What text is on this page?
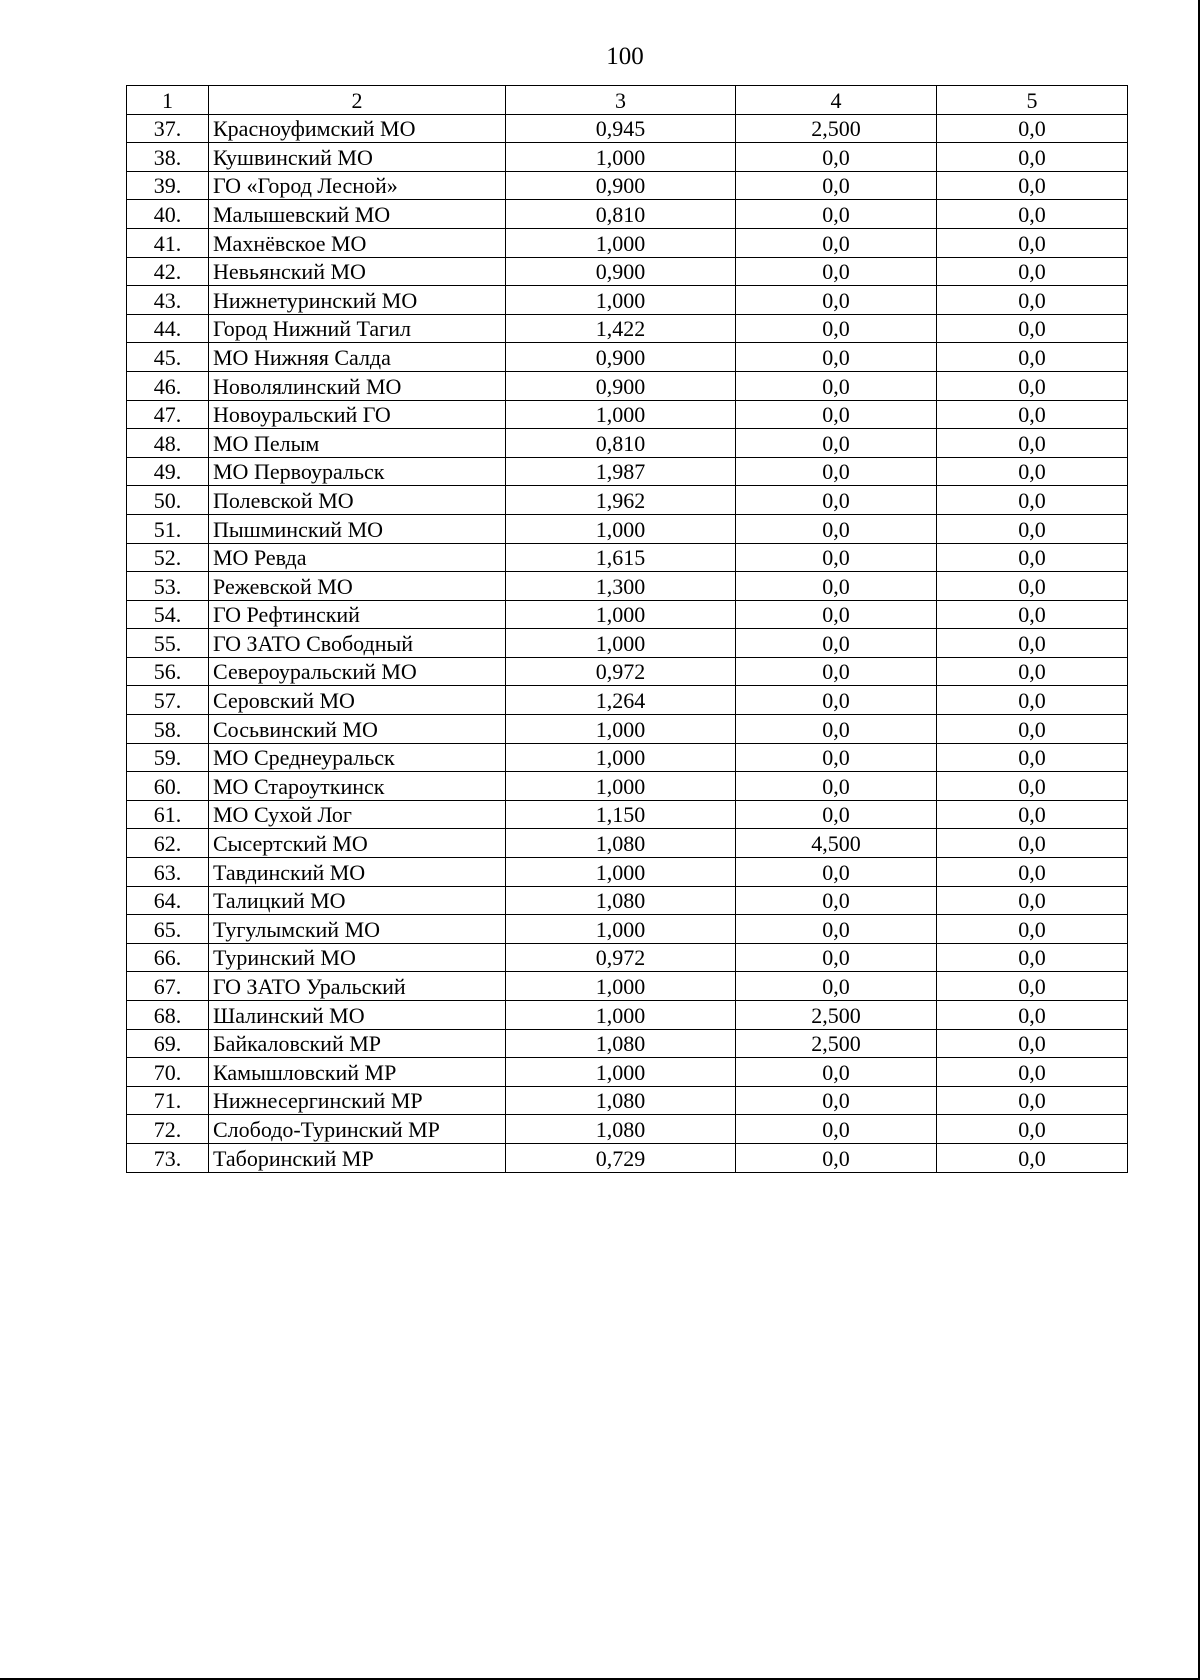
100
1	2	3	4	5
37.	Красноуфимский МО	0,945	2,500	0,0
38.	Кушвинский МО	1,000	0,0	0,0
39.	ГО «Город Лесной»	0,900	0,0	0,0
40.	Малышевский МО	0,810	0,0	0,0
41.	Махнёвское МО	1,000	0,0	0,0
42.	Невьянский МО	0,900	0,0	0,0
43.	Нижнетуринский МО	1,000	0,0	0,0
44.	Город Нижний Тагил	1,422	0,0	0,0
45.	МО Нижняя Салда	0,900	0,0	0,0
46.	Новолялинский МО	0,900	0,0	0,0
47.	Новоуральский ГО	1,000	0,0	0,0
48.	МО Пелым	0,810	0,0	0,0
49.	МО Первоуральск	1,987	0,0	0,0
50.	Полевской МО	1,962	0,0	0,0
51.	Пышминский МО	1,000	0,0	0,0
52.	МО Ревда	1,615	0,0	0,0
53.	Режевской МО	1,300	0,0	0,0
54.	ГО Рефтинский	1,000	0,0	0,0
55.	ГО ЗАТО Свободный	1,000	0,0	0,0
56.	Североуральский МО	0,972	0,0	0,0
57.	Серовский МО	1,264	0,0	0,0
58.	Сосьвинский МО	1,000	0,0	0,0
59.	МО Среднеуральск	1,000	0,0	0,0
60.	МО Староуткинск	1,000	0,0	0,0
61.	МО Сухой Лог	1,150	0,0	0,0
62.	Сысертский МО	1,080	4,500	0,0
63.	Тавдинский МО	1,000	0,0	0,0
64.	Талицкий МО	1,080	0,0	0,0
65.	Тугулымский МО	1,000	0,0	0,0
66.	Туринский МО	0,972	0,0	0,0
67.	ГО ЗАТО Уральский	1,000	0,0	0,0
68.	Шалинский МО	1,000	2,500	0,0
69.	Байкаловский МР	1,080	2,500	0,0
70.	Камышловский МР	1,000	0,0	0,0
71.	Нижнесергинский МР	1,080	0,0	0,0
72.	Слободо-Туринский МР	1,080	0,0	0,0
73.	Таборинский МР	0,729	0,0	0,0
